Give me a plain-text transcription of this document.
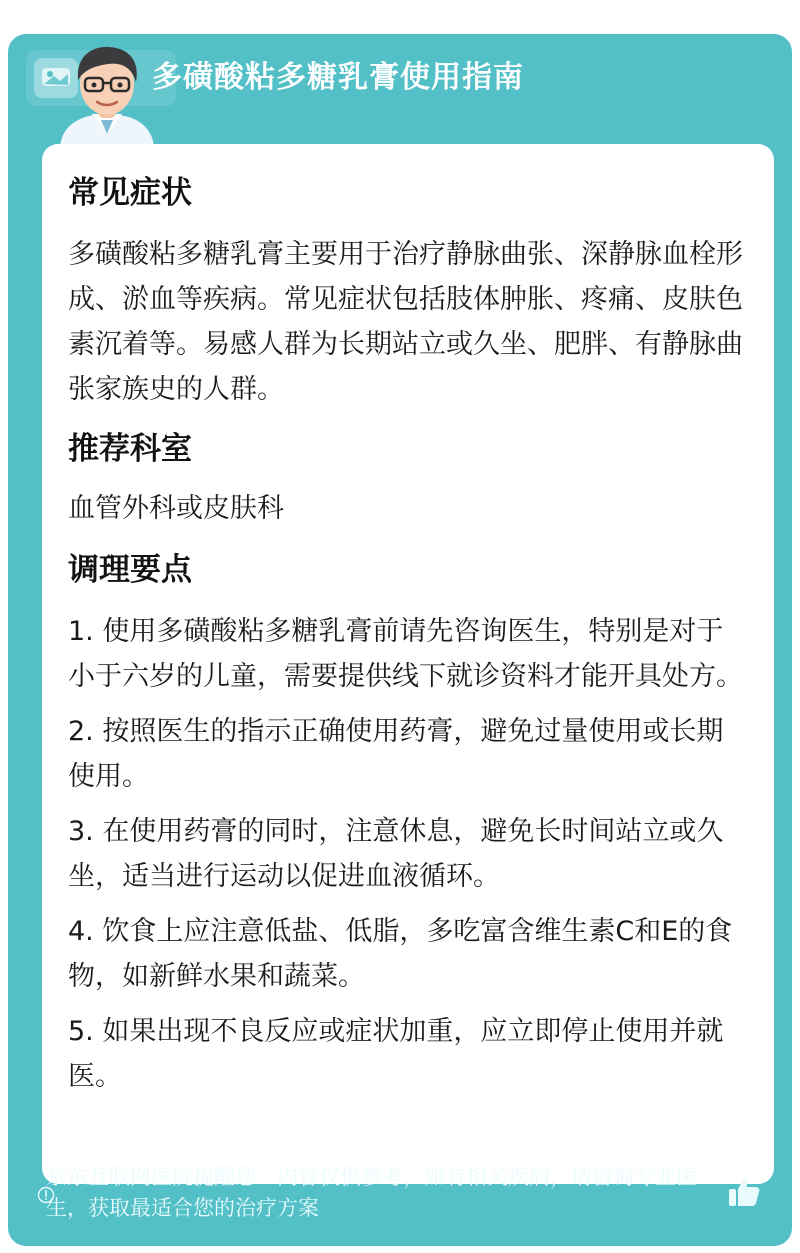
多磺酸粘多糖乳膏使用指南
常见症状

多磺酸粘多糖乳膏主要用于治疗静脉曲张、深静脉血栓形成、淤血等疾病。常见症状包括肢体肿胀、疼痛、皮肤色素沉着等。易感人群为长期站立或久坐、肥胖、有静脉曲张家族史的人群。

推荐科室

血管外科或皮肤科

调理要点

1. 使用多磺酸粘多糖乳膏前请先咨询医生，特别是对于小于六岁的儿童，需要提供线下就诊资料才能开具处方。

2. 按照医生的指示正确使用药膏，避免过量使用或长期使用。

3. 在使用药膏的同时，注意休息，避免长时间站立或久坐，适当进行运动以促进血液循环。

4. 饮食上应注意低盐、低脂，多吃富含维生素C和E的食物，如新鲜水果和蔬菜。

5. 如果出现不良反应或症状加重，应立即停止使用并就医。

京东互联网医院提醒您：内容仅供参考，如有相关疾病，请咨询专业医生，获取最适合您的治疗方案
